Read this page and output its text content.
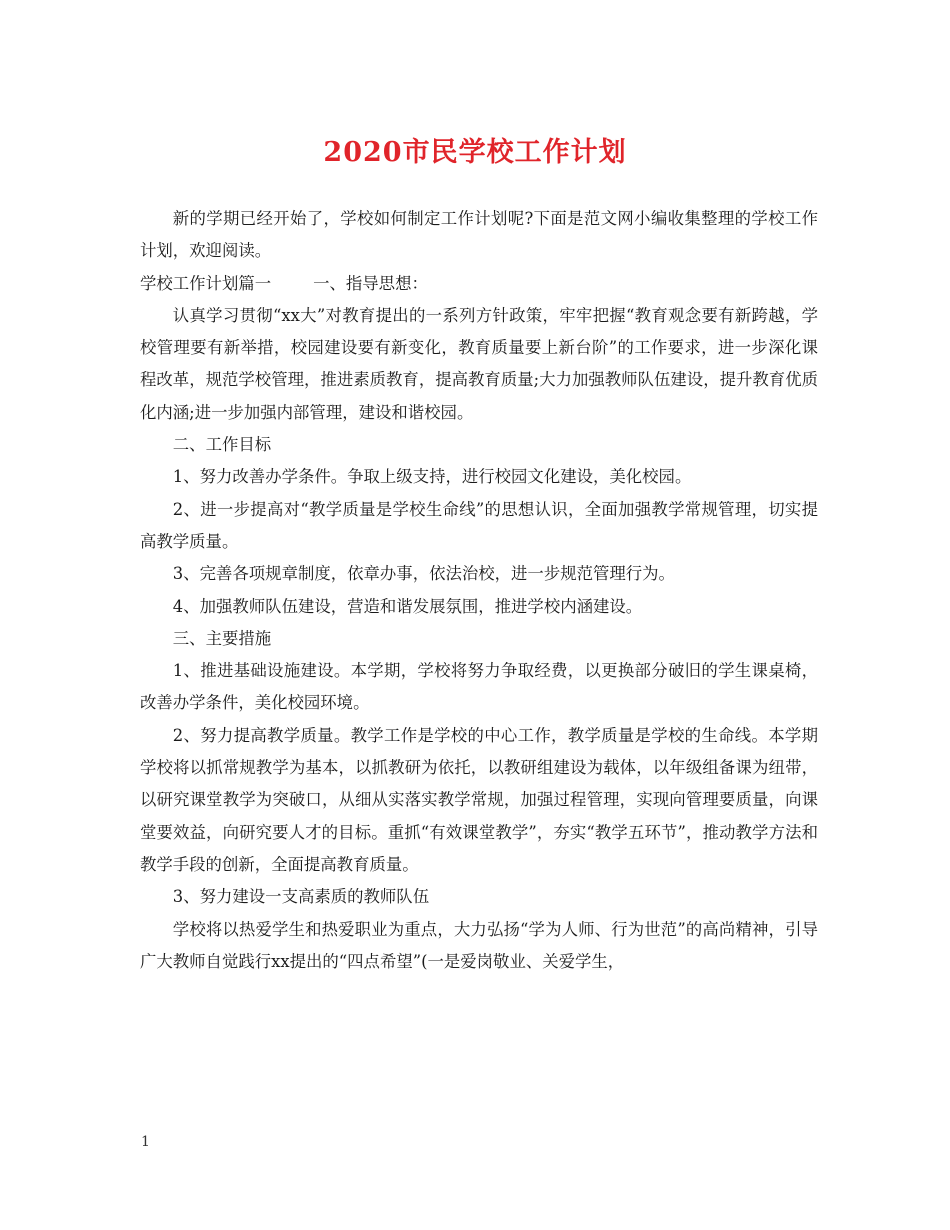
2020市民学校工作计划

新的学期已经开始了，学校如何制定工作计划呢?下面是范文网小编收集整理的学校工作计划，欢迎阅读。

学校工作计划篇一	一、指导思想：

认真学习贯彻“xx大”对教育提出的一系列方针政策，牢牢把握“教育观念要有新跨越，学校管理要有新举措，校园建设要有新变化，教育质量要上新台阶”的工作要求，进一步深化课程改革，规范学校管理，推进素质教育，提高教育质量;大力加强教师队伍建设，提升教育优质化内涵;进一步加强内部管理，建设和谐校园。

二、工作目标

1、努力改善办学条件。争取上级支持，进行校园文化建设，美化校园。

2、进一步提高对“教学质量是学校生命线”的思想认识，全面加强教学常规管理，切实提高教学质量。

3、完善各项规章制度，依章办事，依法治校，进一步规范管理行为。

4、加强教师队伍建设，营造和谐发展氛围，推进学校内涵建设。

三、主要措施

1、推进基础设施建设。本学期，学校将努力争取经费，以更换部分破旧的学生课桌椅，改善办学条件，美化校园环境。

2、努力提高教学质量。教学工作是学校的中心工作，教学质量是学校的生命线。本学期学校将以抓常规教学为基本，以抓教研为依托，以教研组建设为载体，以年级组备课为纽带，以研究课堂教学为突破口，从细从实落实教学常规，加强过程管理，实现向管理要质量，向课堂要效益，向研究要人才的目标。重抓“有效课堂教学”，夯实“教学五环节”，推动教学方法和教学手段的创新，全面提高教育质量。

3、努力建设一支高素质的教师队伍

学校将以热爱学生和热爱职业为重点，大力弘扬“学为人师、行为世范”的高尚精神，引导广大教师自觉践行xx提出的“四点希望”(一是爱岗敬业、关爱学生，

1
